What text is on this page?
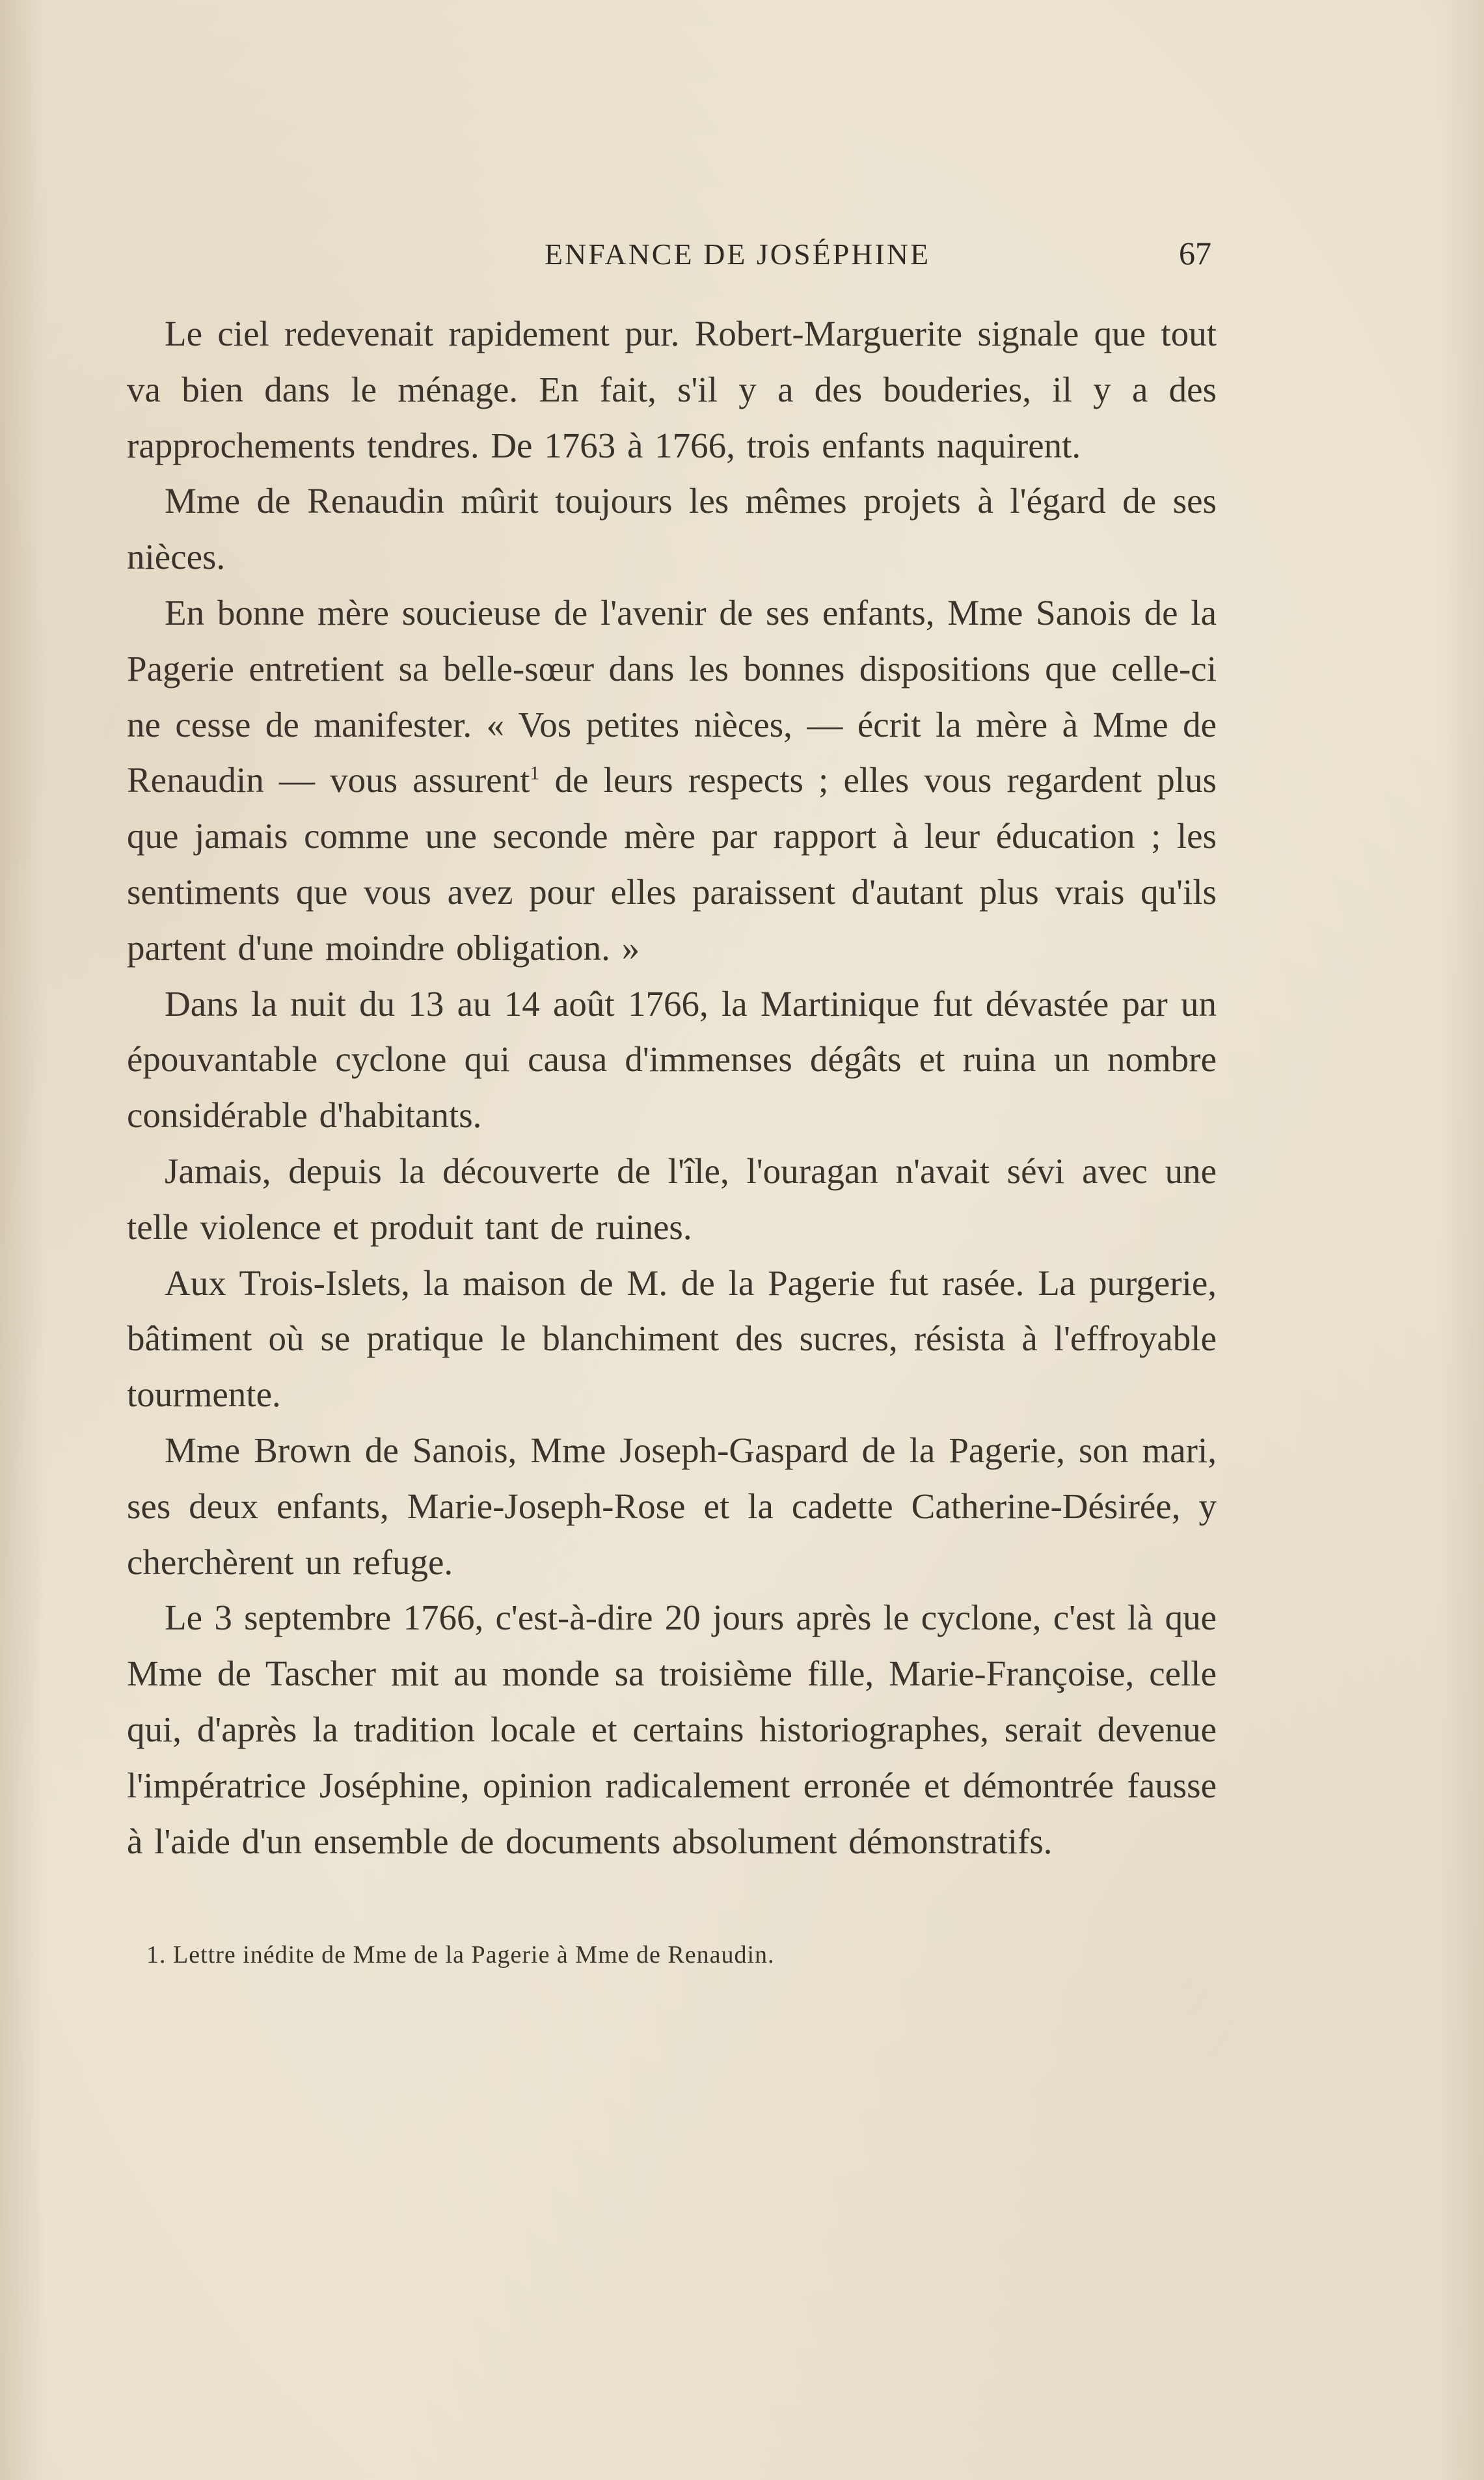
ENFANCE DE JOSÉPHINE	67

Le ciel redevenait rapidement pur. Robert-Marguerite signale que tout va bien dans le ménage. En fait, s'il y a des bouderies, il y a des rapprochements tendres. De 1763 à 1766, trois enfants naquirent.

Mme de Renaudin mûrit toujours les mêmes projets à l'égard de ses nièces.

En bonne mère soucieuse de l'avenir de ses enfants, Mme Sanois de la Pagerie entretient sa belle-sœur dans les bonnes dispositions que celle-ci ne cesse de manifester. « Vos petites nièces, — écrit la mère à Mme de Renaudin — vous assurent$^1$ de leurs respects ; elles vous regardent plus que jamais comme une seconde mère par rapport à leur éducation ; les sentiments que vous avez pour elles paraissent d'autant plus vrais qu'ils partent d'une moindre obligation. »

Dans la nuit du 13 au 14 août 1766, la Martinique fut dévastée par un épouvantable cyclone qui causa d'immenses dégâts et ruina un nombre considérable d'habitants.

Jamais, depuis la découverte de l'île, l'ouragan n'avait sévi avec une telle violence et produit tant de ruines.

Aux Trois-Islets, la maison de M. de la Pagerie fut rasée. La purgerie, bâtiment où se pratique le blanchiment des sucres, résista à l'effroyable tourmente.

Mme Brown de Sanois, Mme Joseph-Gaspard de la Pagerie, son mari, ses deux enfants, Marie-Joseph-Rose et la cadette Catherine-Désirée, y cherchèrent un refuge.

Le 3 septembre 1766, c'est-à-dire 20 jours après le cyclone, c'est là que Mme de Tascher mit au monde sa troisième fille, Marie-Françoise, celle qui, d'après la tradition locale et certains historiographes, serait devenue l'impératrice Joséphine, opinion radicalement erronée et démontrée fausse à l'aide d'un ensemble de documents absolument démonstratifs.

1. Lettre inédite de Mme de la Pagerie à Mme de Renaudin.
